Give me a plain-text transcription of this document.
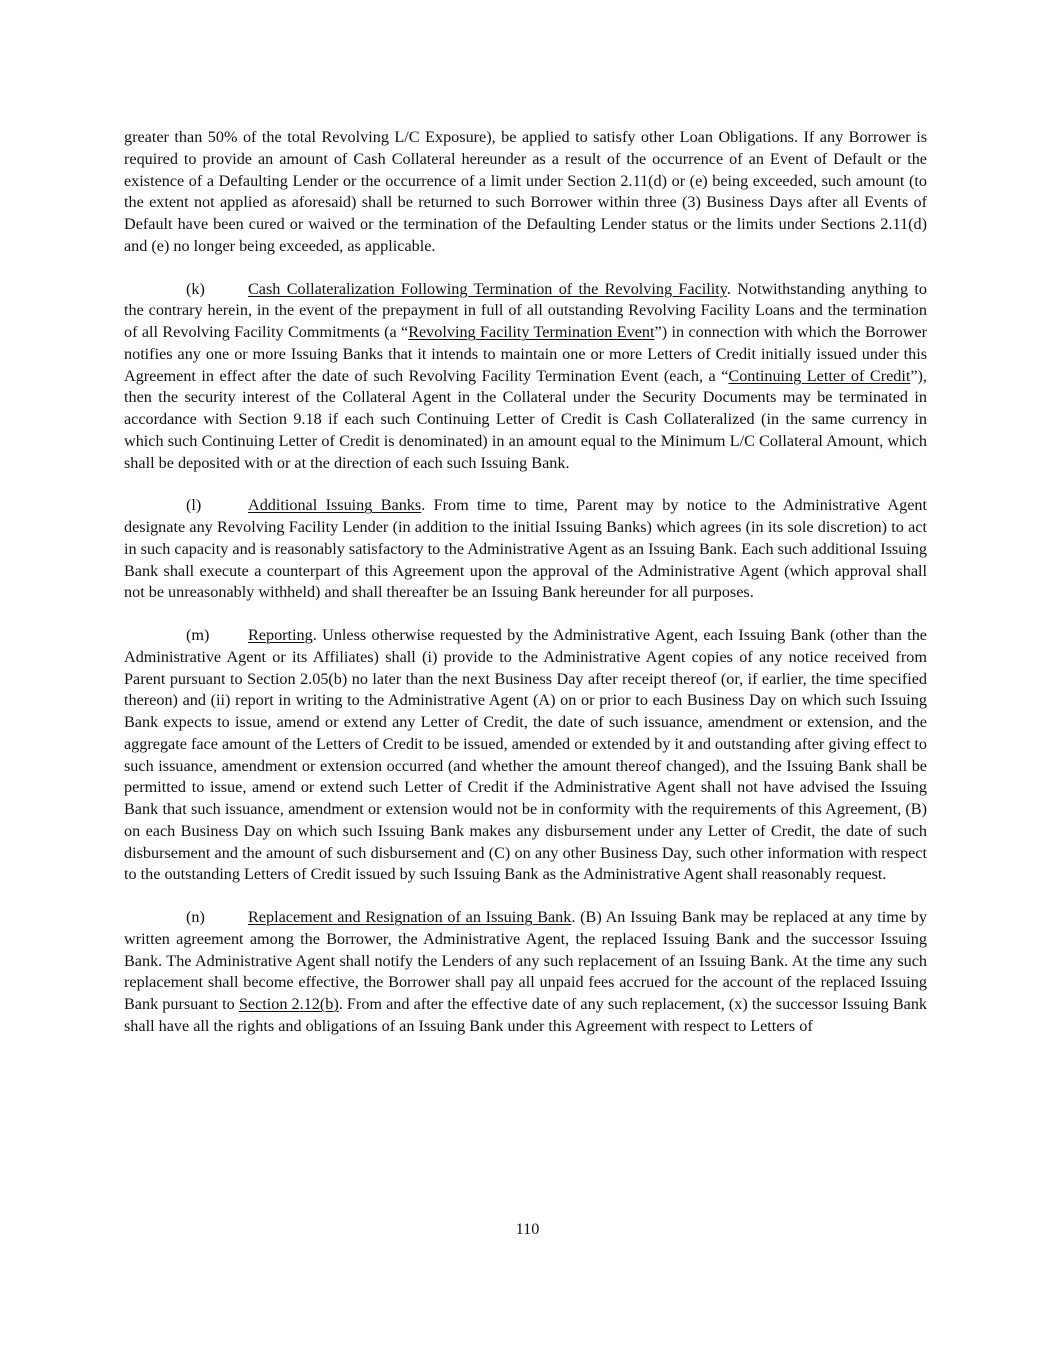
greater than 50% of the total Revolving L/C Exposure), be applied to satisfy other Loan Obligations. If any Borrower is required to provide an amount of Cash Collateral hereunder as a result of the occurrence of an Event of Default or the existence of a Defaulting Lender or the occurrence of a limit under Section 2.11(d) or (e) being exceeded, such amount (to the extent not applied as aforesaid) shall be returned to such Borrower within three (3) Business Days after all Events of Default have been cured or waived or the termination of the Defaulting Lender status or the limits under Sections 2.11(d) and (e) no longer being exceeded, as applicable.

(k)	Cash Collateralization Following Termination of the Revolving Facility. Notwithstanding anything to the contrary herein, in the event of the prepayment in full of all outstanding Revolving Facility Loans and the termination of all Revolving Facility Commitments (a “Revolving Facility Termination Event”) in connection with which the Borrower notifies any one or more Issuing Banks that it intends to maintain one or more Letters of Credit initially issued under this Agreement in effect after the date of such Revolving Facility Termination Event (each, a “Continuing Letter of Credit”), then the security interest of the Collateral Agent in the Collateral under the Security Documents may be terminated in accordance with Section 9.18 if each such Continuing Letter of Credit is Cash Collateralized (in the same currency in which such Continuing Letter of Credit is denominated) in an amount equal to the Minimum L/C Collateral Amount, which shall be deposited with or at the direction of each such Issuing Bank.

(l)	Additional Issuing Banks. From time to time, Parent may by notice to the Administrative Agent designate any Revolving Facility Lender (in addition to the initial Issuing Banks) which agrees (in its sole discretion) to act in such capacity and is reasonably satisfactory to the Administrative Agent as an Issuing Bank. Each such additional Issuing Bank shall execute a counterpart of this Agreement upon the approval of the Administrative Agent (which approval shall not be unreasonably withheld) and shall thereafter be an Issuing Bank hereunder for all purposes.

(m) Reporting. Unless otherwise requested by the Administrative Agent, each Issuing Bank (other than the Administrative Agent or its Affiliates) shall (i) provide to the Administrative Agent copies of any notice received from Parent pursuant to Section 2.05(b) no later than the next Business Day after receipt thereof (or, if earlier, the time specified thereon) and (ii) report in writing to the Administrative Agent (A) on or prior to each Business Day on which such Issuing Bank expects to issue, amend or extend any Letter of Credit, the date of such issuance, amendment or extension, and the aggregate face amount of the Letters of Credit to be issued, amended or extended by it and outstanding after giving effect to such issuance, amendment or extension occurred (and whether the amount thereof changed), and the Issuing Bank shall be permitted to issue, amend or extend such Letter of Credit if the Administrative Agent shall not have advised the Issuing Bank that such issuance, amendment or extension would not be in conformity with the requirements of this Agreement, (B) on each Business Day on which such Issuing Bank makes any disbursement under any Letter of Credit, the date of such disbursement and the amount of such disbursement and (C) on any other Business Day, such other information with respect to the outstanding Letters of Credit issued by such Issuing Bank as the Administrative Agent shall reasonably request.

(n)	Replacement and Resignation of an Issuing Bank. (B) An Issuing Bank may be replaced at any time by written agreement among the Borrower, the Administrative Agent, the replaced Issuing Bank and the successor Issuing Bank. The Administrative Agent shall notify the Lenders of any such replacement of an Issuing Bank. At the time any such replacement shall become effective, the Borrower shall pay all unpaid fees accrued for the account of the replaced Issuing Bank pursuant to Section 2.12(b). From and after the effective date of any such replacement, (x) the successor Issuing Bank shall have all the rights and obligations of an Issuing Bank under this Agreement with respect to Letters of

110
